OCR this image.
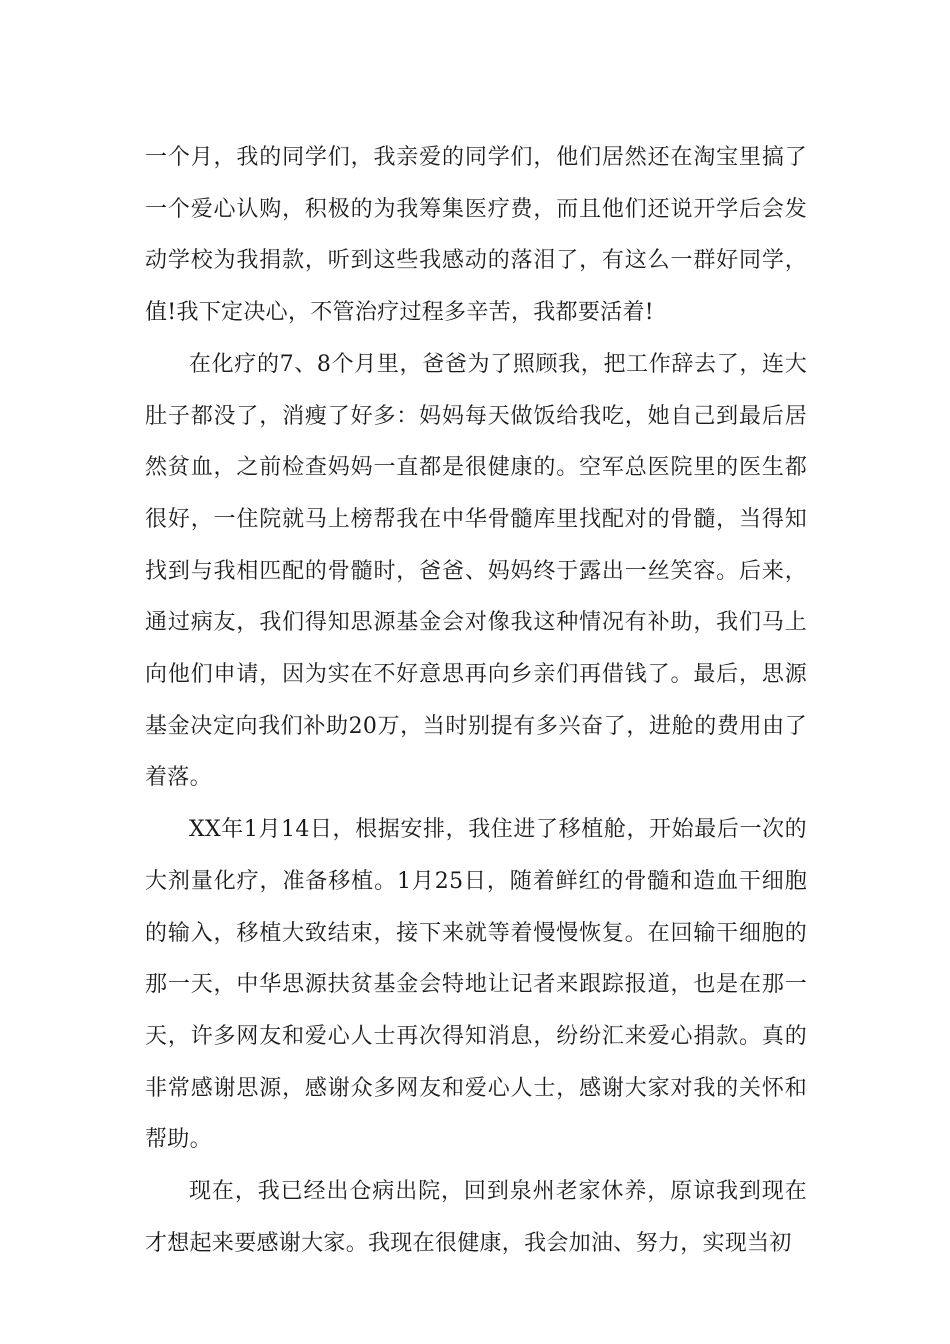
一个月，我的同学们，我亲爱的同学们，他们居然还在淘宝里搞了一个爱心认购，积极的为我筹集医疗费，而且他们还说开学后会发动学校为我捐款，听到这些我感动的落泪了，有这么一群好同学，值!我下定决心，不管治疗过程多辛苦，我都要活着!

在化疗的7、8个月里，爸爸为了照顾我，把工作辞去了，连大肚子都没了，消瘦了好多：妈妈每天做饭给我吃，她自己到最后居然贫血，之前检查妈妈一直都是很健康的。空军总医院里的医生都很好，一住院就马上榜帮我在中华骨髓库里找配对的骨髓，当得知找到与我相匹配的骨髓时，爸爸、妈妈终于露出一丝笑容。后来，通过病友，我们得知思源基金会对像我这种情况有补助，我们马上向他们申请，因为实在不好意思再向乡亲们再借钱了。最后，思源基金决定向我们补助20万，当时别提有多兴奋了，进舱的费用由了着落。

XX年1月14日，根据安排，我住进了移植舱，开始最后一次的大剂量化疗，准备移植。1月25日，随着鲜红的骨髓和造血干细胞的输入，移植大致结束，接下来就等着慢慢恢复。在回输干细胞的那一天，中华思源扶贫基金会特地让记者来跟踪报道，也是在那一天，许多网友和爱心人士再次得知消息，纷纷汇来爱心捐款。真的非常感谢思源，感谢众多网友和爱心人士，感谢大家对我的关怀和帮助。

现在，我已经出仓病出院，回到泉州老家休养，原谅我到现在才想起来要感谢大家。我现在很健康，我会加油、努力，实现当初
